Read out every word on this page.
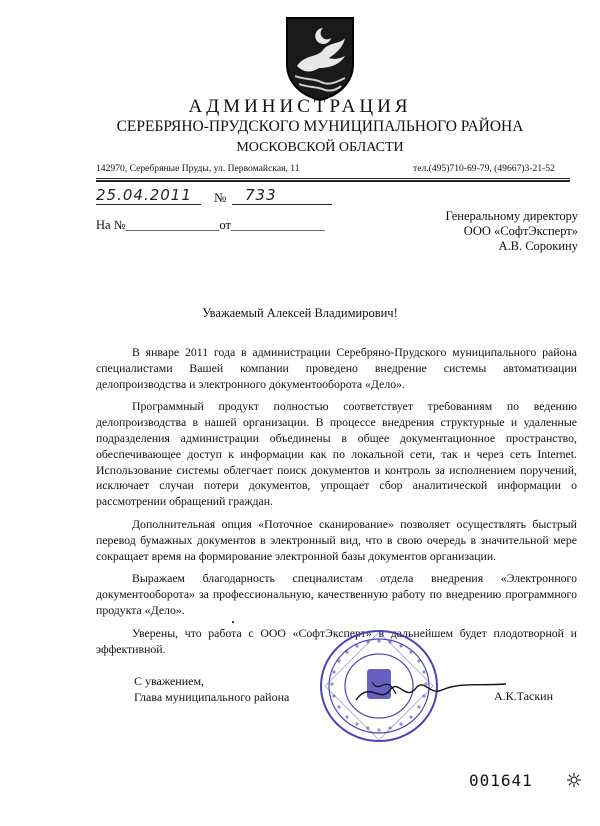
АДМИНИСТРАЦИЯ
СЕРЕБРЯНО-ПРУДСКОГО МУНИЦИПАЛЬНОГО РАЙОНА
МОСКОВСКОЙ ОБЛАСТИ
142970, Серебряные Пруды, ул. Первомайская, 11	тел.(495)710-69-79, (49667)3-21-52
25.04.2011 № 733
На №_______________от_______________
Генеральному директору
ООО «СофтЭксперт»
А.В. Сорокину
Уважаемый Алексей Владимирович!

В январе 2011 года в администрации Серебряно-Прудского муниципального района специалистами Вашей компании проведено внедрение системы автоматизации делопроизводства и электронного документооборота «Дело».

Программный продукт полностью соответствует требованиям по ведению делопроизводства в нашей организации. В процессе внедрения структурные и удаленные подразделения администрации объединены в общее документационное пространство, обеспечивающее доступ к информации как по локальной сети, так и через сеть Internet. Использование системы облегчает поиск документов и контроль за исполнением поручений, исключает случаи потери документов, упрощает сбор аналитической информации о рассмотрении обращений граждан.

Дополнительная опция «Поточное сканирование» позволяет осуществлять быстрый перевод бумажных документов в электронный вид, что в свою очередь в значительной мере сокращает время на формирование электронной базы документов организации.

Выражаем благодарность специалистам отдела внедрения «Электронного документооборота» за профессиональную, качественную работу по внедрению программного продукта «Дело».

Уверены, что работа с ООО «СофтЭксперт» в дальнейшем будет плодотворной и эффективной.

С уважением,
Глава муниципального района	А.К.Таскин
001641
